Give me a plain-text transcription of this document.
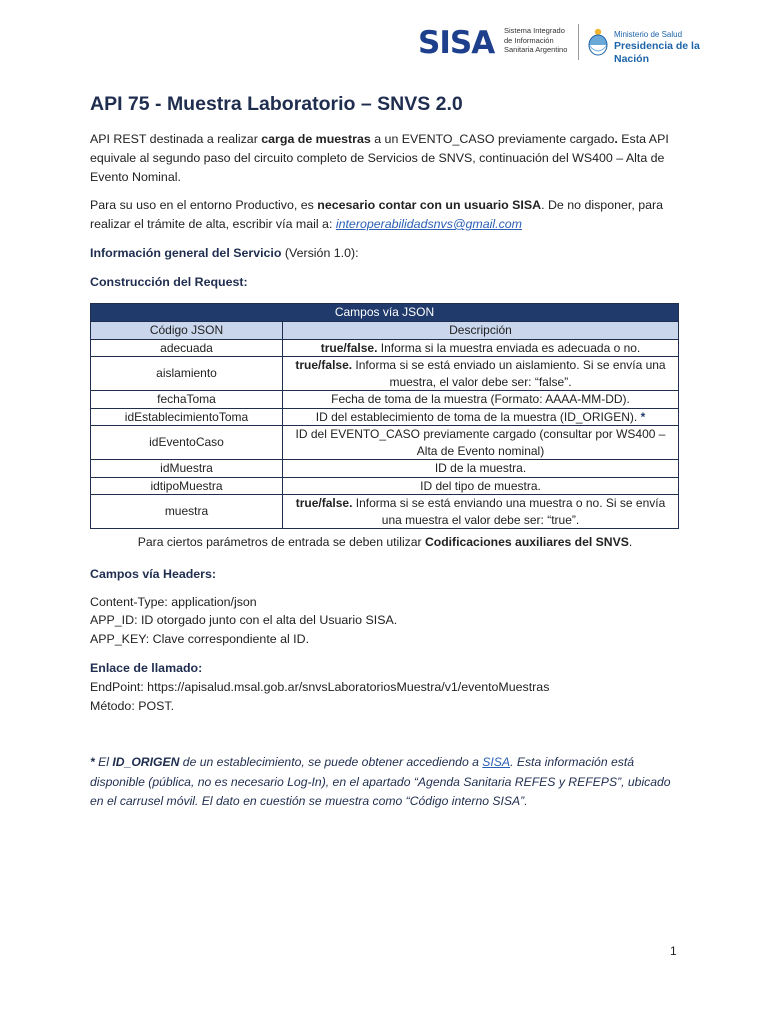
SISA Sistema Integrado
de Información
Sanitaria Argentino
Ministerio de Salud
Presidencia de la Nación
API 75 - Muestra Laboratorio – SNVS 2.0

API REST destinada a realizar carga de muestras a un EVENTO_CASO previamente cargado. Esta API equivale al segundo paso del circuito completo de Servicios de SNVS, continuación del WS400 – Alta de Evento Nominal.

Para su uso en el entorno Productivo, es necesario contar con un usuario SISA. De no disponer, para realizar el trámite de alta, escribir vía mail a: interoperabilidadsnvs@gmail.com

Información general del Servicio (Versión 1.0):

Construcción del Request:

Campos vía JSON	
Código JSON	Descripción
adecuada	true/false. Informa si la muestra enviada es adecuada o no.
aislamiento	true/false. Informa si se está enviado un aislamiento. Si se envía una muestra, el valor debe ser: “false”.
fechaToma	Fecha de toma de la muestra (Formato: AAAA-MM-DD).
idEstablecimientoToma	ID del establecimiento de toma de la muestra (ID_ORIGEN). *
idEventoCaso	ID del EVENTO_CASO previamente cargado (consultar por WS400 – Alta de Evento nominal)
idMuestra	ID de la muestra.
idtipoMuestra	ID del tipo de muestra.
muestra	true/false. Informa si se está enviando una muestra o no. Si se envía una muestra el valor debe ser: “true”.
Para ciertos parámetros de entrada se deben utilizar Codificaciones auxiliares del SNVS.

Campos vía Headers:

Content-Type: application/json

APP_ID: ID otorgado junto con el alta del Usuario SISA.

APP_KEY: Clave correspondiente al ID.

Enlace de llamado:

EndPoint: https://apisalud.msal.gob.ar/snvsLaboratoriosMuestra/v1/eventoMuestras

Método: POST.

* El ID_ORIGEN de un establecimiento, se puede obtener accediendo a SISA. Esta información está disponible (pública, no es necesario Log-In), en el apartado “Agenda Sanitaria REFES y REFEPS”, ubicado en el carrusel móvil. El dato en cuestión se muestra como “Código interno SISA”.
1
